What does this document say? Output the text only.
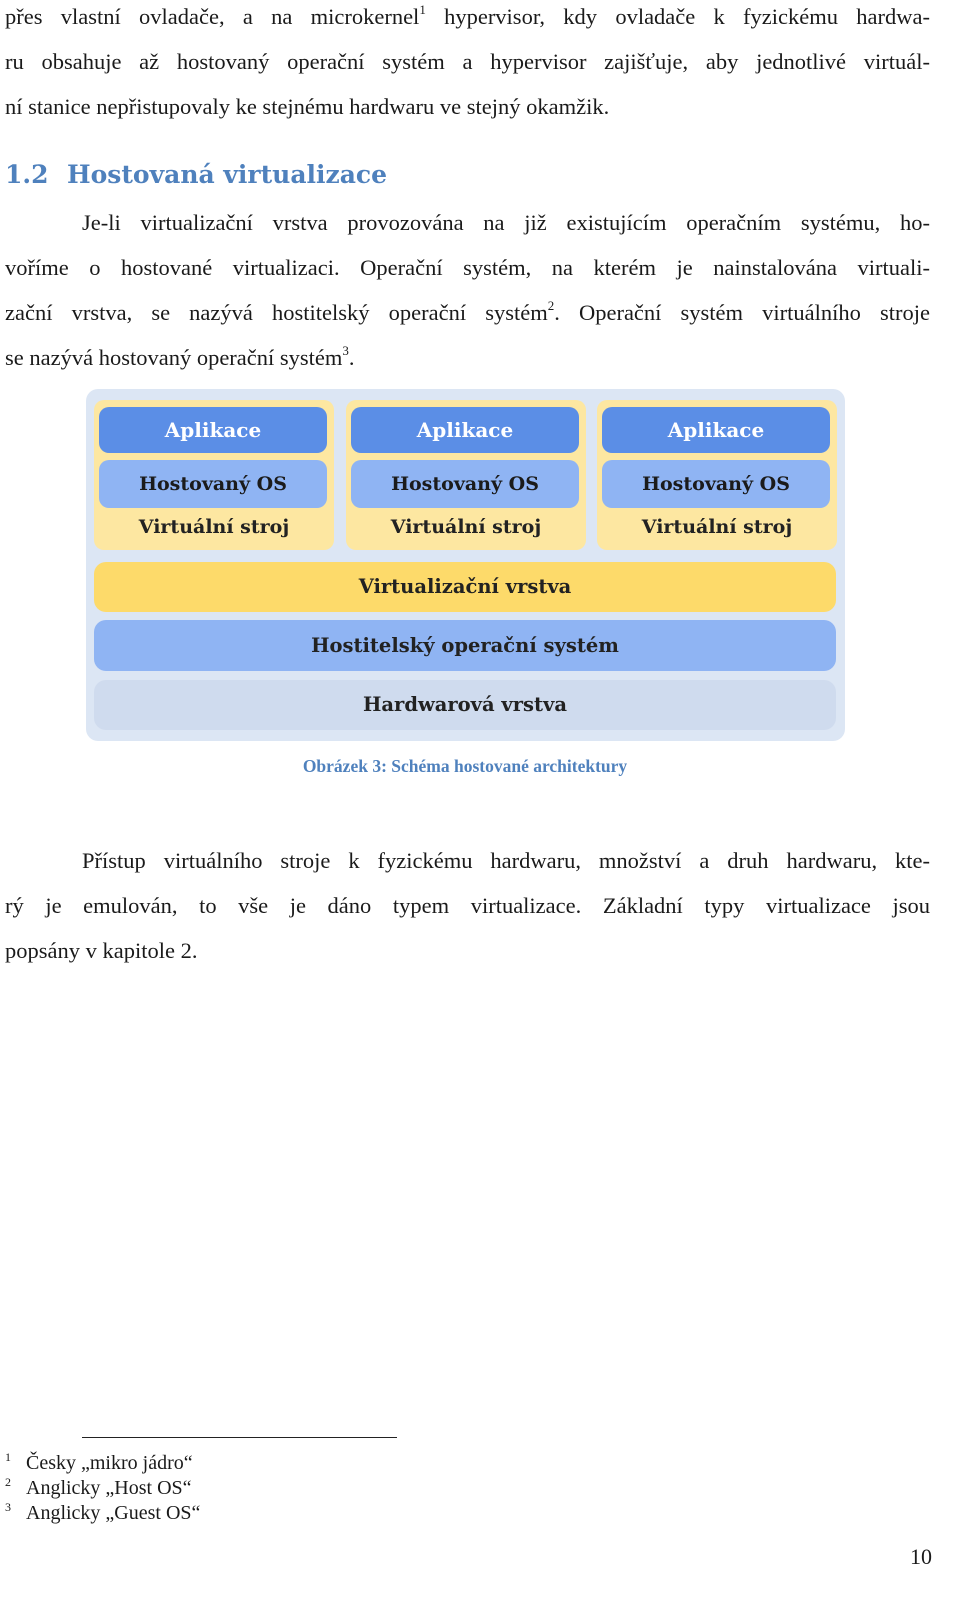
přes vlastní ovladače, a na microkernel$^1$ hypervisor, kdy ovladače k fyzickému hardwa-
ru obsahuje až hostovaný operační systém a hypervisor zajišťuje, aby jednotlivé virtuál-
ní stanice nepřistupovaly ke stejnému hardwaru ve stejný okamžik.
1.2 Hostovaná virtualizace
Je-li virtualizační vrstva provozována na již existujícím operačním systému, ho-
voříme o hostované virtualizaci. Operační systém, na kterém je nainstalována virtuali-
zační vrstva, se nazývá hostitelský operační systém$^2$. Operační systém virtuálního stroje
se nazývá hostovaný operační systém$^3$.
Aplikace
Hostovaný OS
Virtuální stroj
Aplikace
Hostovaný OS
Virtuální stroj
Aplikace
Hostovaný OS
Virtuální stroj
Virtualizační vrstva
Hostitelský operační systém
Hardwarová vrstva
Obrázek 3: Schéma hostované architektury
Přístup virtuálního stroje k fyzickému hardwaru, množství a druh hardwaru, kte-
rý je emulován, to vše je dáno typem virtualizace. Základní typy virtualizace jsou
popsány v kapitole 2.
1 Česky „mikro jádro“
2 Anglicky „Host OS“
3 Anglicky „Guest OS“
10
